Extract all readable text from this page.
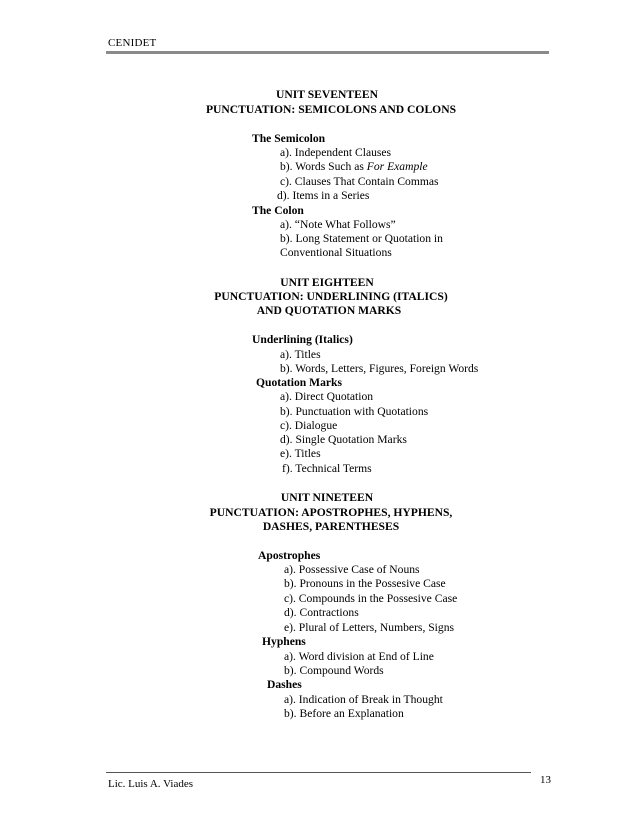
CENIDET
UNIT SEVENTEEN
PUNCTUATION: SEMICOLONS AND COLONS
The Semicolon
a). Independent Clauses
b). Words Such as For Example
c). Clauses That Contain Commas
d). Items in a Series
The Colon
a). “Note What Follows”
b). Long Statement or Quotation in
Conventional Situations
UNIT EIGHTEEN
PUNCTUATION: UNDERLINING (ITALICS)
AND QUOTATION MARKS
Underlining (Italics)
a). Titles
b). Words, Letters, Figures, Foreign Words
Quotation Marks
a). Direct Quotation
b). Punctuation with Quotations
c). Dialogue
d). Single Quotation Marks
e). Titles
f). Technical Terms
UNIT NINETEEN
PUNCTUATION: APOSTROPHES, HYPHENS,
DASHES, PARENTHESES
Apostrophes
a). Possessive Case of Nouns
b). Pronouns in the Possesive Case
c). Compounds in the Possesive Case
d). Contractions
e). Plural of Letters, Numbers, Signs
Hyphens
a). Word division at End of Line
b). Compound Words
Dashes
a). Indication of Break in Thought
b). Before an Explanation
Lic. Luis A. Viades	13
